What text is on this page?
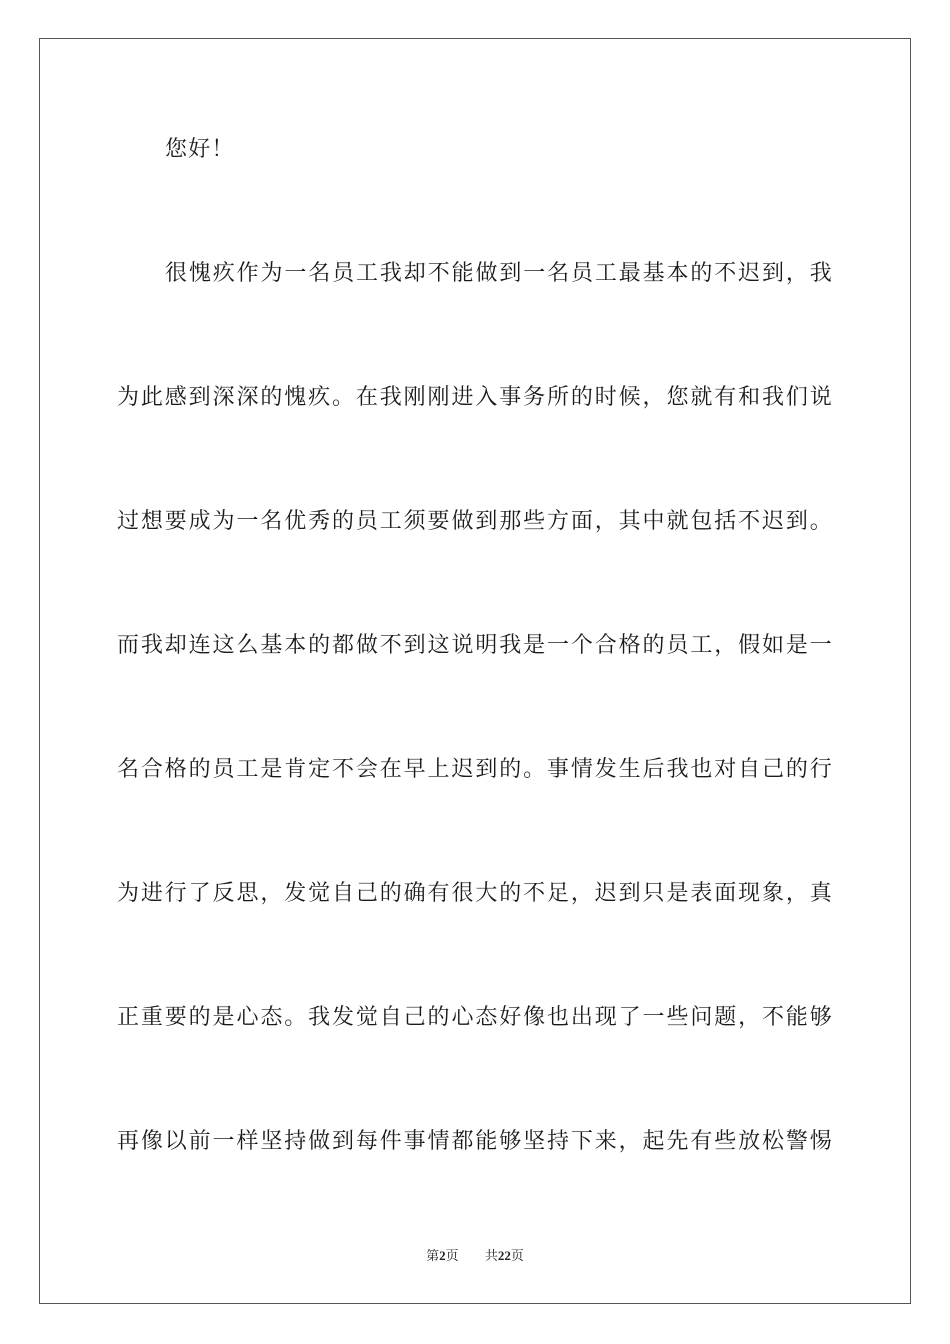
您好！
很愧疚作为一名员工我却不能做到一名员工最基本的不迟到，我
为此感到深深的愧疚。在我刚刚进入事务所的时候，您就有和我们说
过想要成为一名优秀的员工须要做到那些方面，其中就包括不迟到。
而我却连这么基本的都做不到这说明我是一个合格的员工，假如是一
名合格的员工是肯定不会在早上迟到的。事情发生后我也对自己的行
为进行了反思，发觉自己的确有很大的不足，迟到只是表面现象，真
正重要的是心态。我发觉自己的心态好像也出现了一些问题，不能够
再像以前一样坚持做到每件事情都能够坚持下来，起先有些放松警惕
第2页 共22页
